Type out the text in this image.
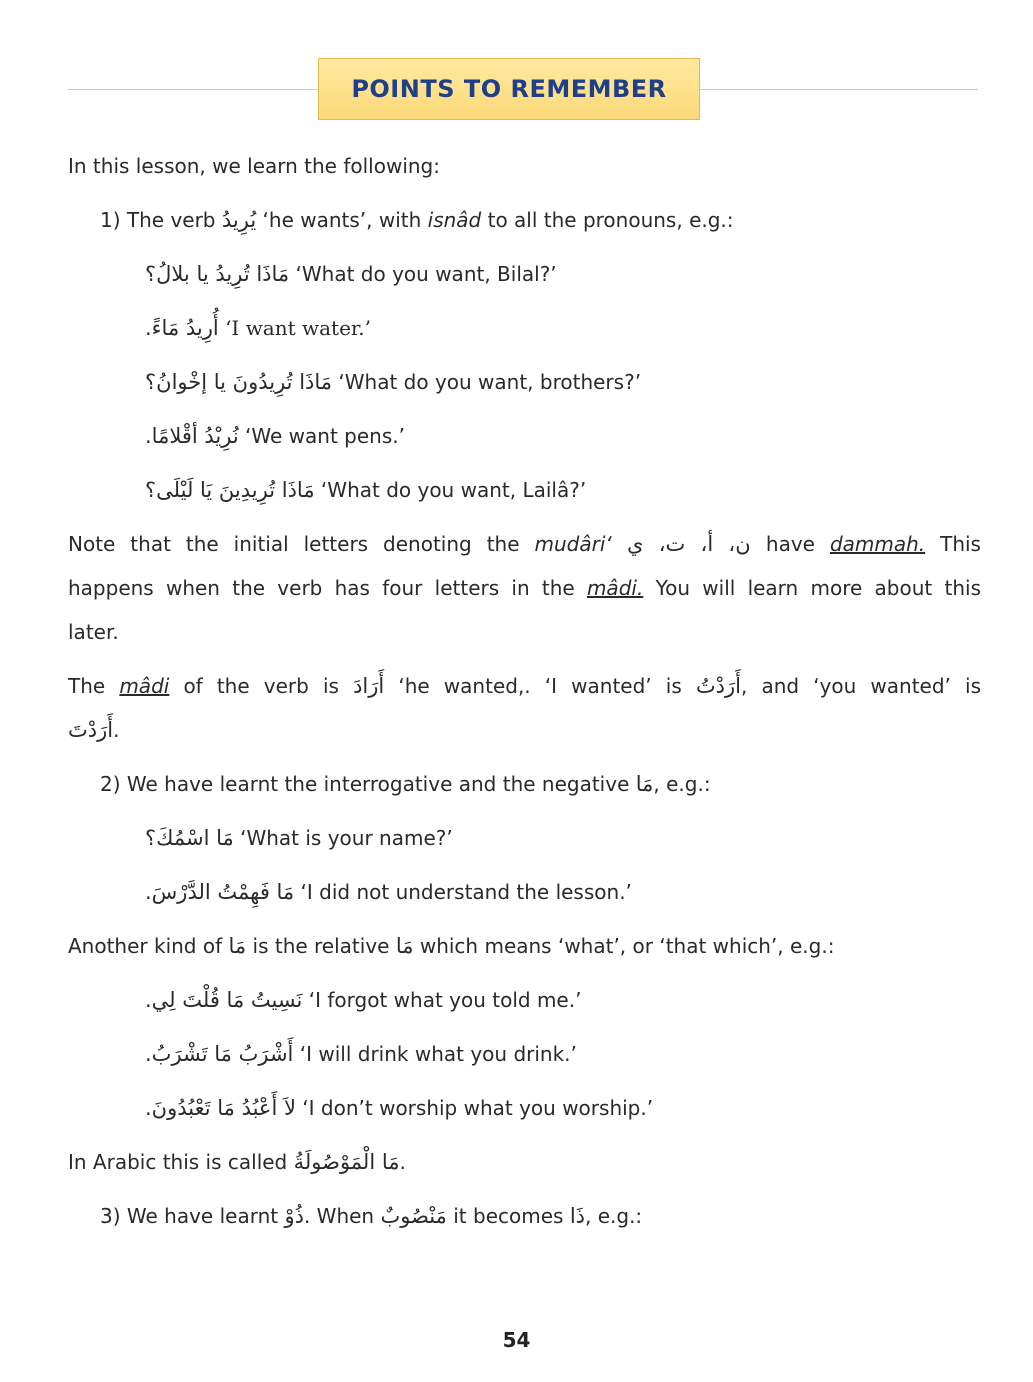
POINTS TO REMEMBER
In this lesson, we learn the following:
1) The verb يُرِيدُ ‘he wants’, with isnâd to all the pronouns, e.g.:
مَاذَا تُرِيدُ يا بلالُ؟ ‘What do you want, Bilal?’
أُرِيدُ مَاءً. ‘I want water.’
مَاذَا تُرِيدُونَ يا إخْوانُ؟ ‘What do you want, brothers?’
نُرِيْدُ أقْلامًا. ‘We want pens.’
مَاذَا تُرِيدِينَ يَا لَيْلَى؟ ‘What do you want, Lailâ?’
Note that the initial letters denoting the mudâri‘ ن، أ، ت، ي have dammah. This
happens when the verb has four letters in the mâdi. You will learn more about this
later.
The mâdi of the verb is أَرَادَ ‘he wanted,. ‘I wanted’ is أَرَدْتُ, and ‘you wanted’ is
أَرَدْتَ.
2) We have learnt the interrogative and the negative مَا, e.g.:
مَا اسْمُكَ؟ ‘What is your name?’
مَا فَهِمْتُ الدَّرْسَ. ‘I did not understand the lesson.’
Another kind of مَا is the relative مَا which means ‘what’, or ‘that which’, e.g.:
نَسِيتُ مَا قُلْتَ لِي. ‘I forgot what you told me.’
أَشْرَبُ مَا تَشْرَبُ. ‘I will drink what you drink.’
لاَ أَعْبُدُ مَا تَعْبُدُونَ. ‘I don’t worship what you worship.’
In Arabic this is called مَا الْمَوْصُولَةُ.
3) We have learnt ذُوْ. When مَنْصُوبٌ it becomes ذَا, e.g.:
54
